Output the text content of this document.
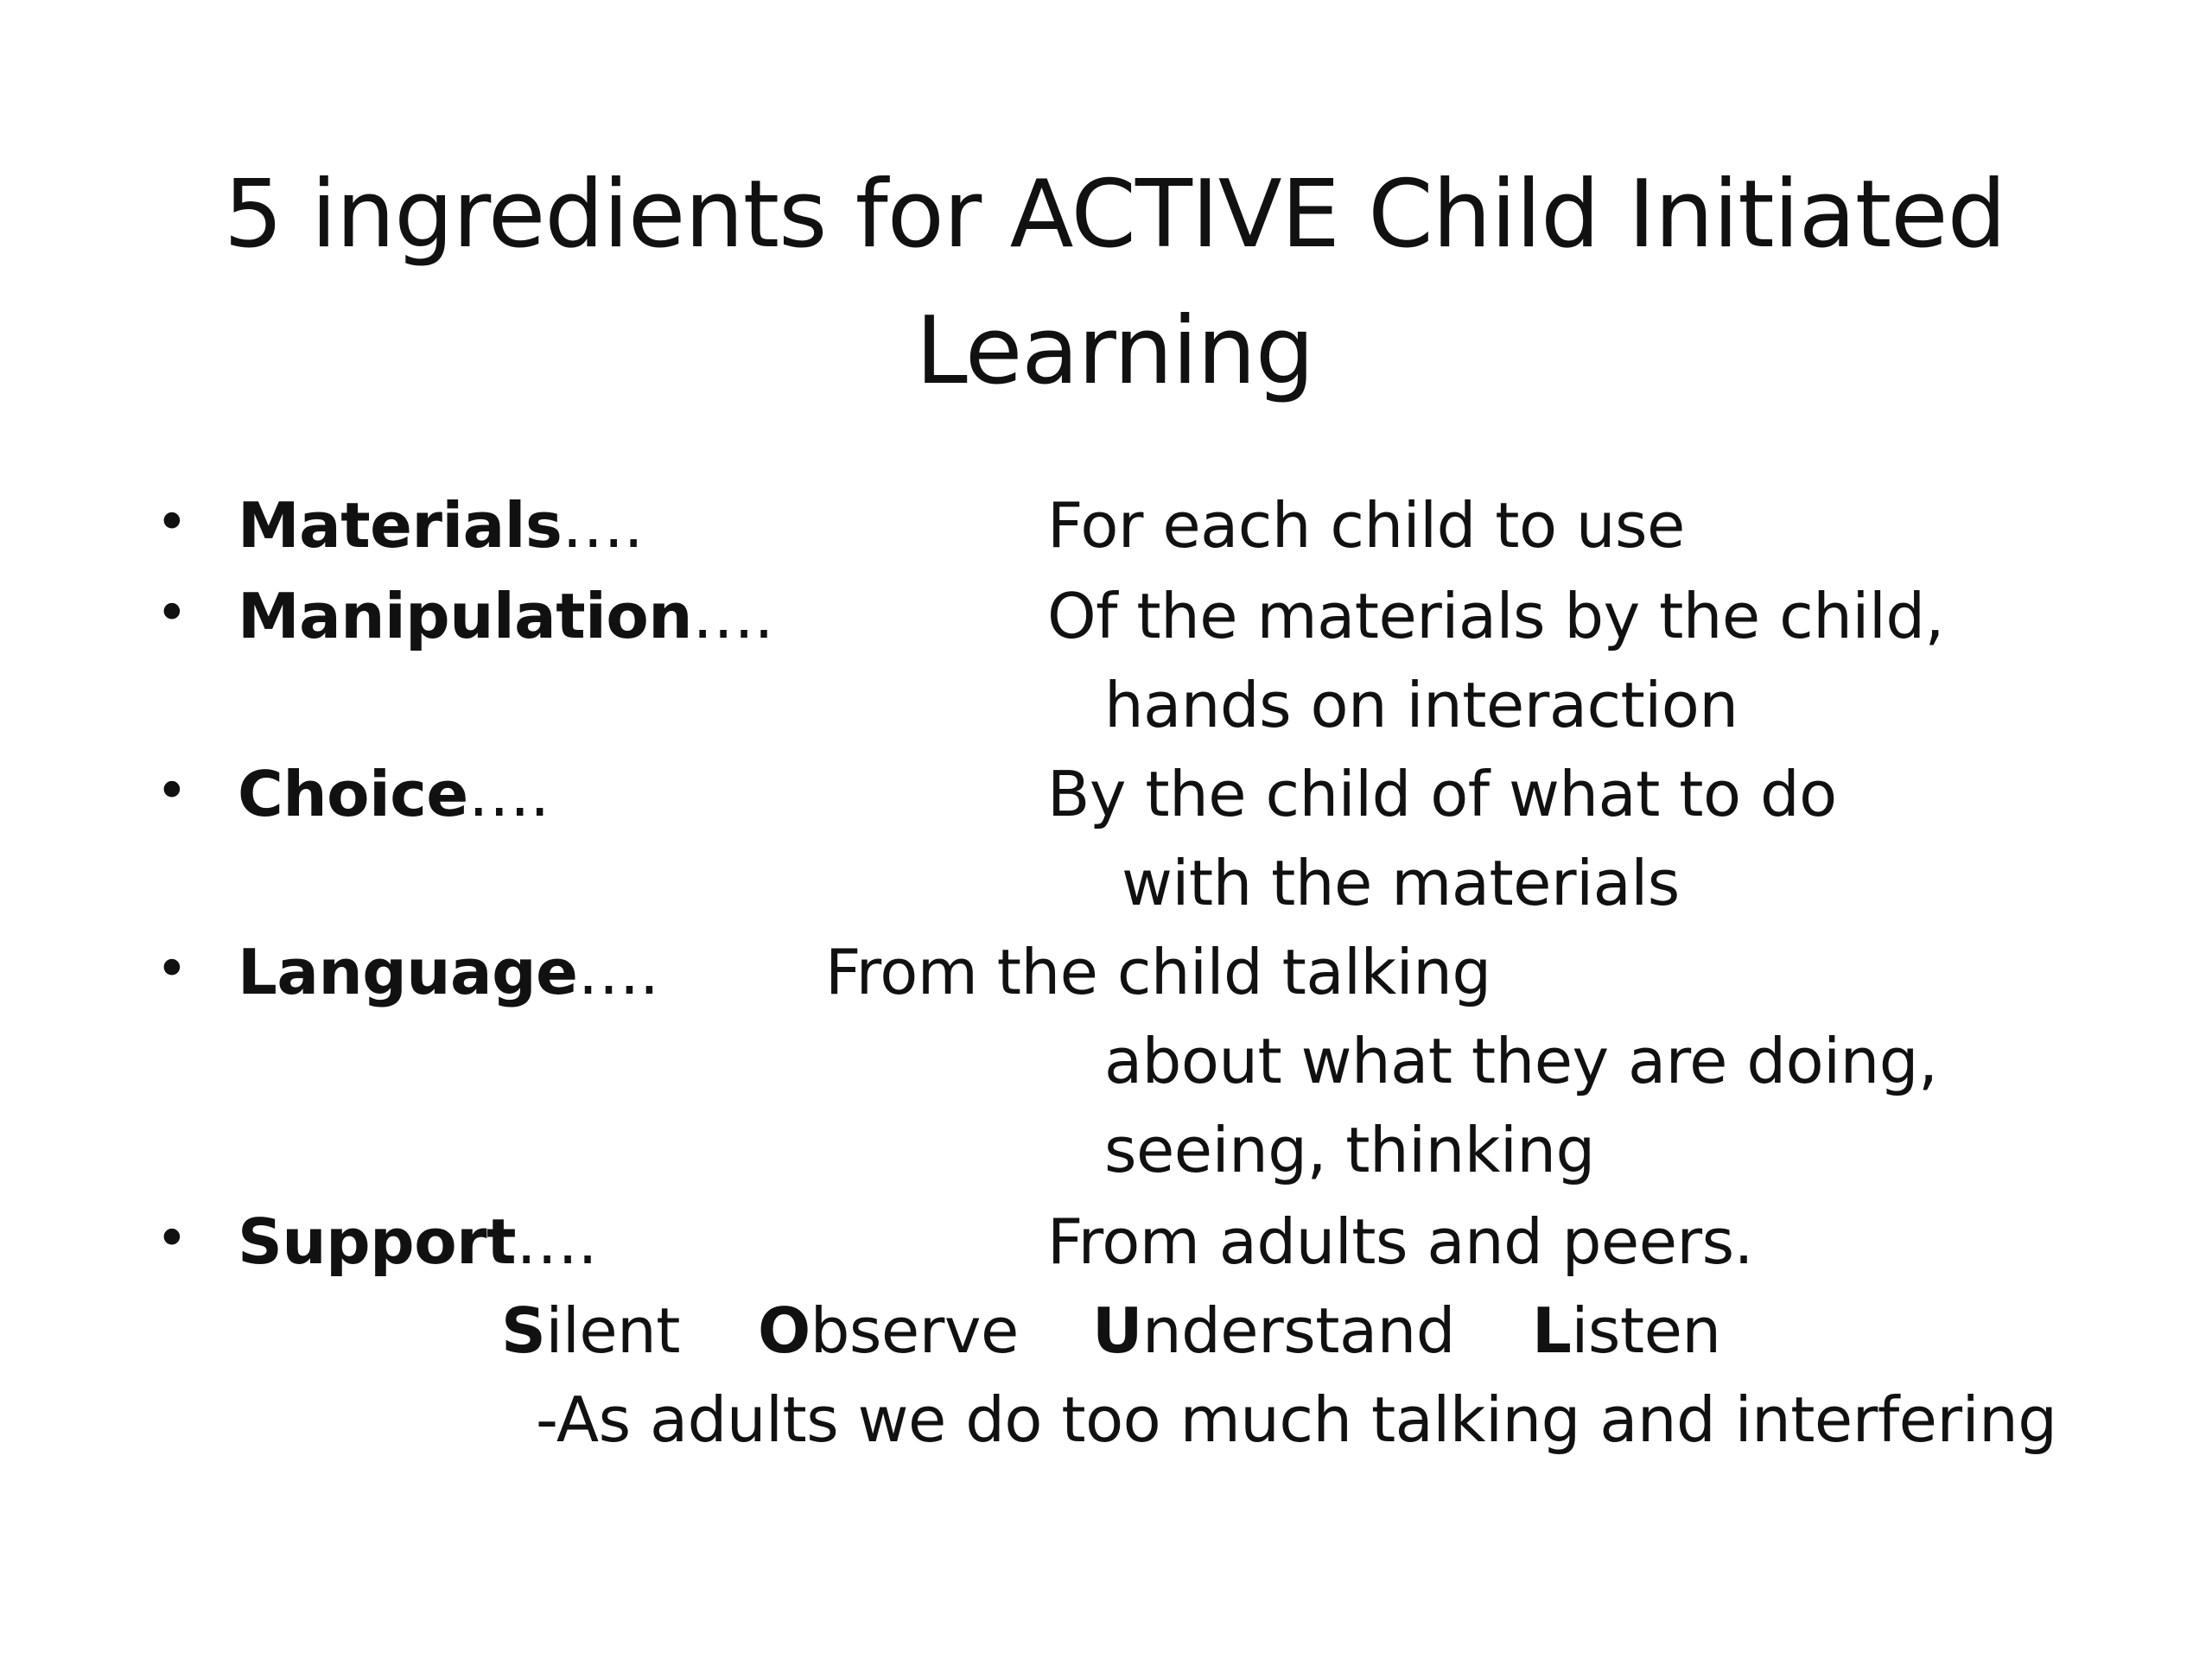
5 ingredients for ACTIVE Child Initiated
Learning
• Materials….	For each child to use
• Manipulation….	Of the materials by the child,
hands on interaction
• Choice….	By the child of what to do
with the materials
• Language….	From the child talking
about what they are doing,
seeing, thinking
• Support….	From adults and peers.
Silent Observe Understand Listen
-As adults we do too much talking and interfering
